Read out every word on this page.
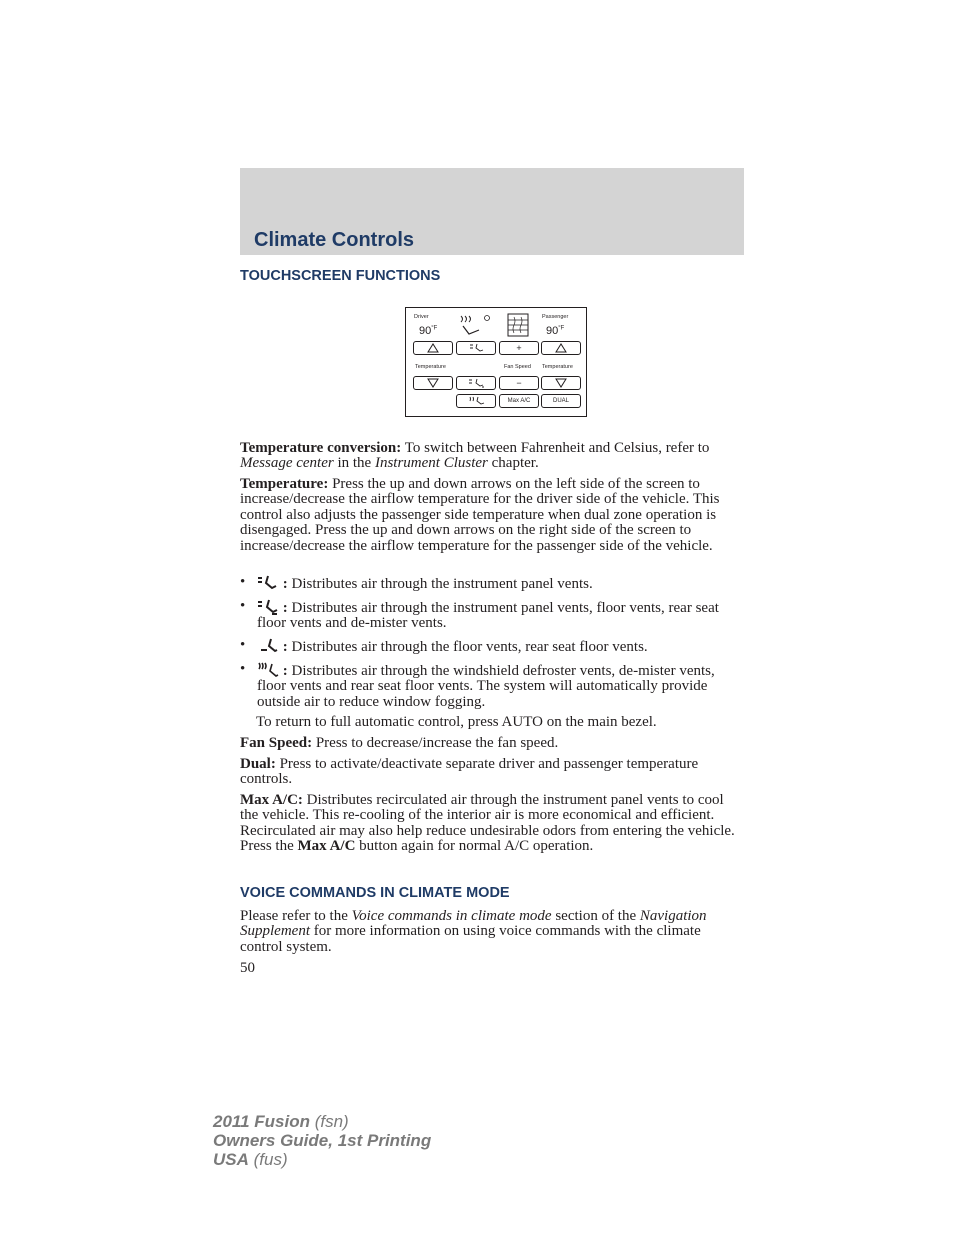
Climate Controls
TOUCHSCREEN FUNCTIONS
Driver	Passenger
$90^{^\circ F}$	$90^{^\circ F}$
+
Temperature	Fan Speed Temperature
−
Max A/C	DUAL
Temperature conversion: To switch between Fahrenheit and Celsius, refer to Message center in the Instrument Cluster chapter.
Temperature: Press the up and down arrows on the left side of the screen to increase/decrease the airflow temperature for the driver side of the vehicle. This control also adjusts the passenger side temperature when dual zone operation is disengaged. Press the up and down arrows on the right side of the screen to increase/decrease the airflow temperature for the passenger side of the vehicle.
•	: Distributes air through the instrument panel vents.
•	: Distributes air through the instrument panel vents, floor vents, rear seat floor vents and de-mister vents.
•	: Distributes air through the floor vents, rear seat floor vents.
•	: Distributes air through the windshield defroster vents, de-mister vents, floor vents and rear seat floor vents. The system will automatically provide outside air to reduce window fogging.
To return to full automatic control, press AUTO on the main bezel.
Fan Speed: Press to decrease/increase the fan speed.
Dual: Press to activate/deactivate separate driver and passenger temperature controls.
Max A/C: Distributes recirculated air through the instrument panel vents to cool the vehicle. This re-cooling of the interior air is more economical and efficient. Recirculated air may also help reduce undesirable odors from entering the vehicle. Press the Max A/C button again for normal A/C operation.
VOICE COMMANDS IN CLIMATE MODE
Please refer to the Voice commands in climate mode section of the Navigation Supplement for more information on using voice commands with the climate control system.
50
2011 Fusion (fsn)
Owners Guide, 1st Printing
USA (fus)
